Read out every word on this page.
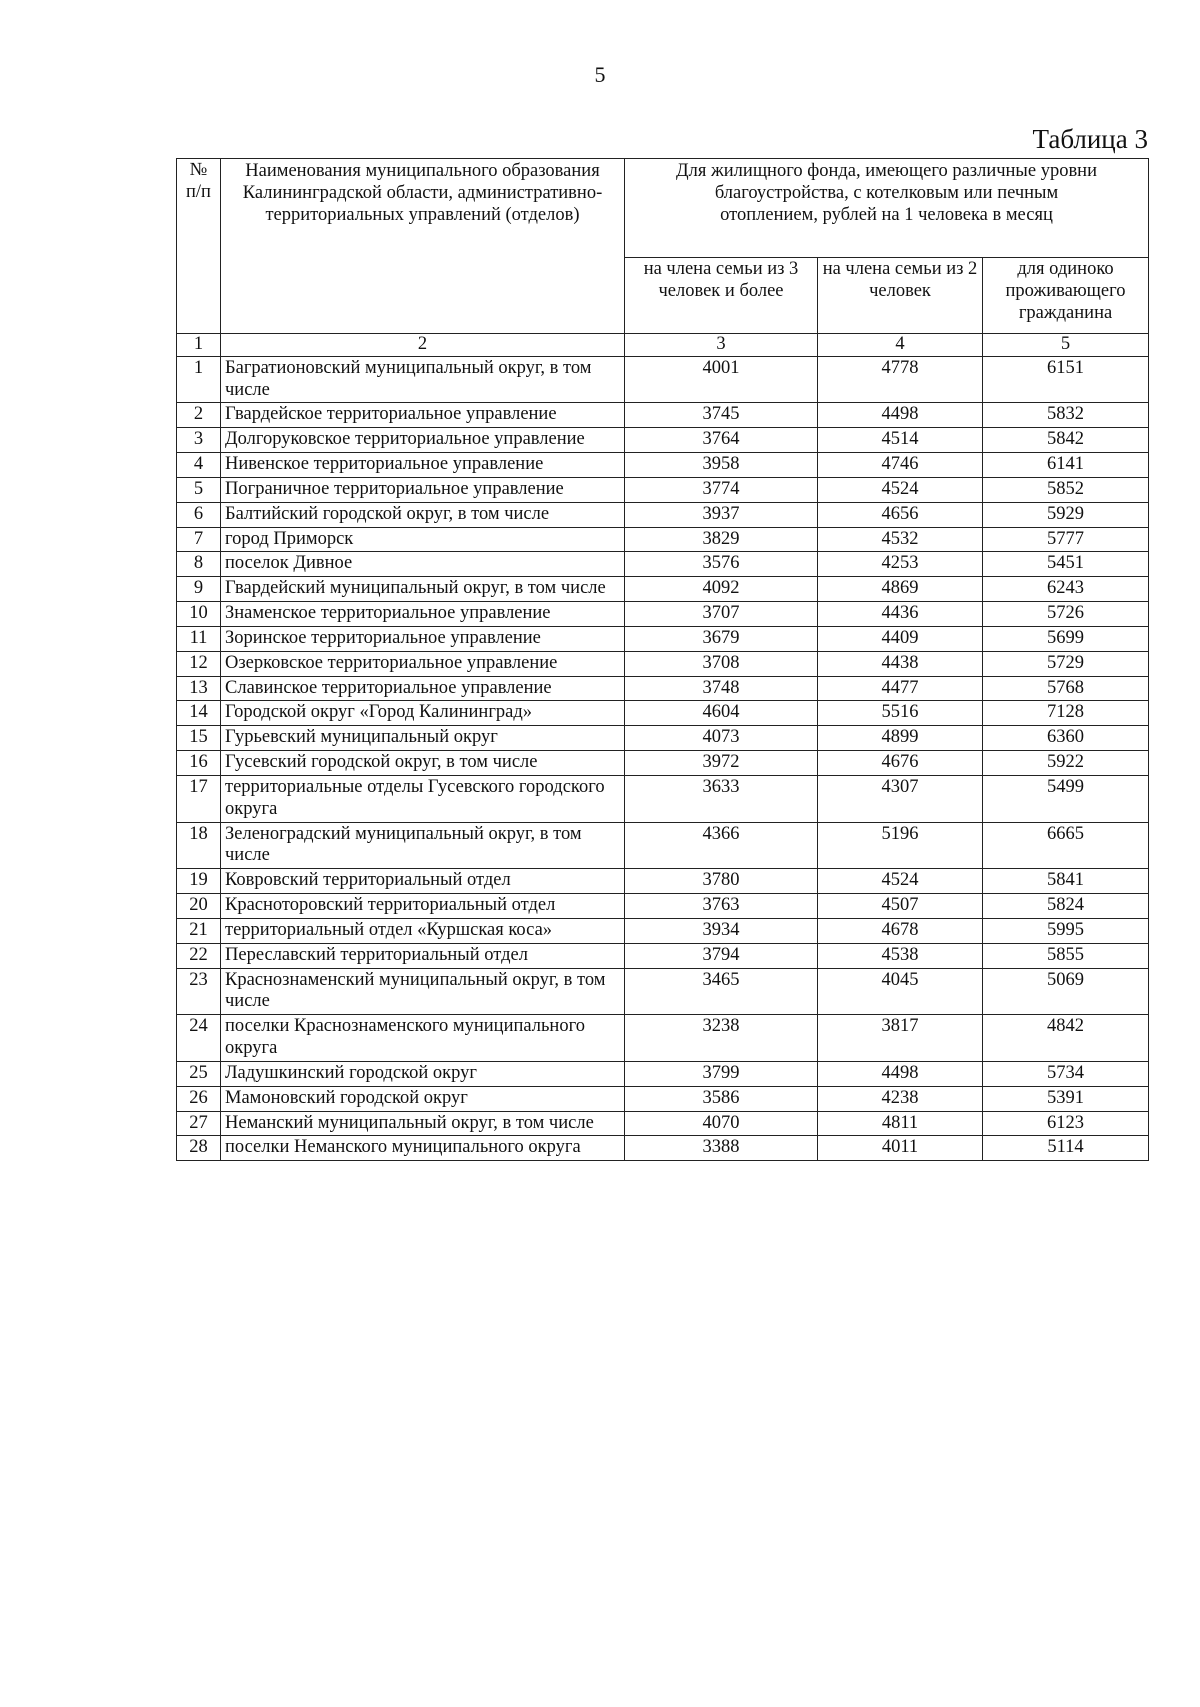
5
Таблица 3
№
п/п	Наименования муниципального образования Калининградской области, административно-территориальных управлений (отделов)	Для жилищного фонда, имеющего различные уровни благоустройства, с котелковым или печным отоплением, рублей на 1 человека в месяц		
		на члена семьи из 3 человек и более	на члена семьи из 2 человек	для одиноко проживающего гражданина
1	2	3	4	5
1	Багратионовский муниципальный округ, в том числе	4001	4778	6151
2	Гвардейское территориальное управление	3745	4498	5832
3	Долгоруковское территориальное управление	3764	4514	5842
4	Нивенское территориальное управление	3958	4746	6141
5	Пограничное территориальное управление	3774	4524	5852
6	Балтийский городской округ, в том числе	3937	4656	5929
7	город Приморск	3829	4532	5777
8	поселок Дивное	3576	4253	5451
9	Гвардейский муниципальный округ, в том числе	4092	4869	6243
10	Знаменское территориальное управление	3707	4436	5726
11	Зоринское территориальное управление	3679	4409	5699
12	Озерковское территориальное управление	3708	4438	5729
13	Славинское территориальное управление	3748	4477	5768
14	Городской округ «Город Калининград»	4604	5516	7128
15	Гурьевский муниципальный округ	4073	4899	6360
16	Гусевский городской округ, в том числе	3972	4676	5922
17	территориальные отделы Гусевского городского округа	3633	4307	5499
18	Зеленоградский муниципальный округ, в том числе	4366	5196	6665
19	Ковровский территориальный отдел	3780	4524	5841
20	Красноторовский территориальный отдел	3763	4507	5824
21	территориальный отдел «Куршская коса»	3934	4678	5995
22	Переславский территориальный отдел	3794	4538	5855
23	Краснознаменский муниципальный округ, в том числе	3465	4045	5069
24	поселки Краснознаменского муниципального округа	3238	3817	4842
25	Ладушкинский городской округ	3799	4498	5734
26	Мамоновский городской округ	3586	4238	5391
27	Неманский муниципальный округ, в том числе	4070	4811	6123
28	поселки Неманского муниципального округа	3388	4011	5114
